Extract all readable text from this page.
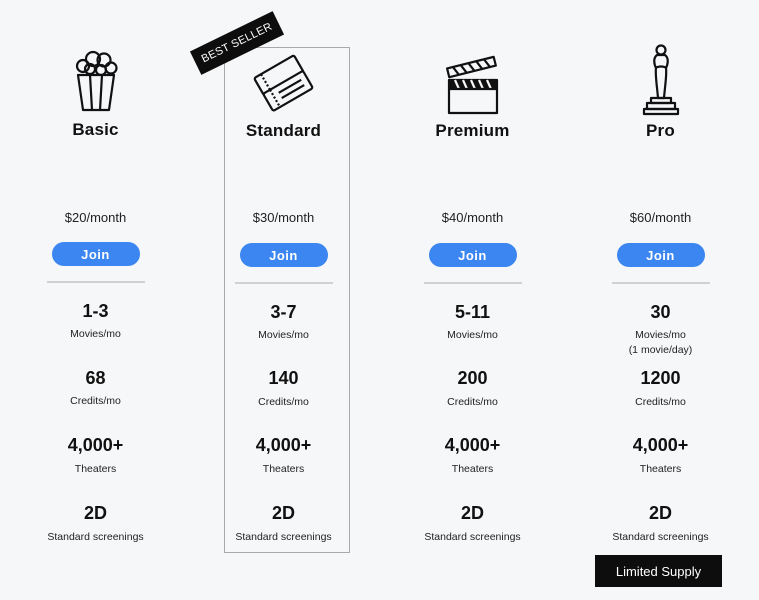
Basic
$20/month
Join
1-3
Movies/mo
68
Credits/mo
4,000+
Theaters
2D
Standard screenings
Standard
$30/month
Join
3-7
Movies/mo
140
Credits/mo
4,000+
Theaters
2D
Standard screenings
Premium
$40/month
Join
5-11
Movies/mo
200
Credits/mo
4,000+
Theaters
2D
Standard screenings
Pro
$60/month
Join
30
Movies/mo
(1 movie/day)
1200
Credits/mo
4,000+
Theaters
2D
Standard screenings
BEST SELLER
Limited Supply
